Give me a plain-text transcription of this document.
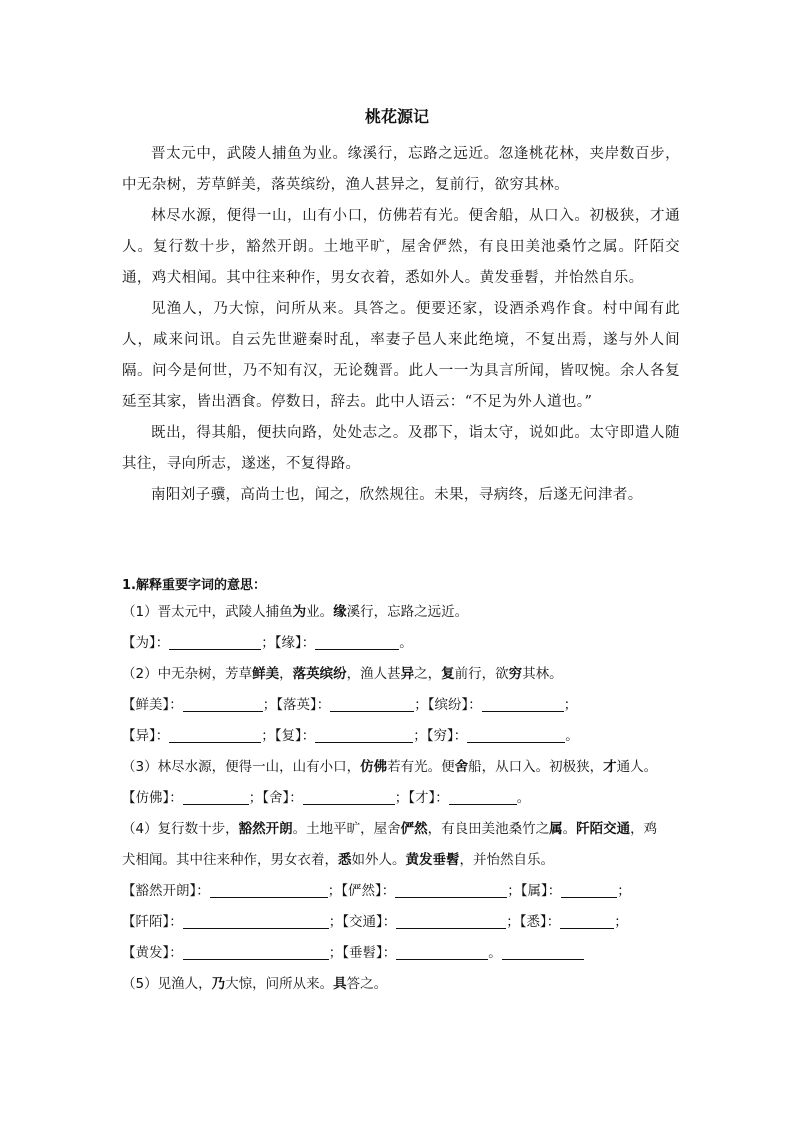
桃花源记

晋太元中，武陵人捕鱼为业。缘溪行，忘路之远近。忽逢桃花林，夹岸数百步，中无杂树，芳草鲜美，落英缤纷，渔人甚异之，复前行，欲穷其林。

林尽水源，便得一山，山有小口，仿佛若有光。便舍船，从口入。初极狭，才通人。复行数十步，豁然开朗。土地平旷，屋舍俨然，有良田美池桑竹之属。阡陌交通，鸡犬相闻。其中往来种作，男女衣着，悉如外人。黄发垂髫，并怡然自乐。

见渔人，乃大惊，问所从来。具答之。便要还家，设酒杀鸡作食。村中闻有此人，咸来问讯。自云先世避秦时乱，率妻子邑人来此绝境，不复出焉，遂与外人间隔。问今是何世，乃不知有汉，无论魏晋。此人一一为具言所闻，皆叹惋。余人各复延至其家，皆出酒食。停数日，辞去。此中人语云：“不足为外人道也。”

既出，得其船，便扶向路，处处志之。及郡下，诣太守，说如此。太守即遣人随其往，寻向所志，遂迷，不复得路。

南阳刘子骥，高尚士也，闻之，欣然规往。未果，寻病终，后遂无问津者。

1.解释重要字词的意思：
（1）晋太元中，武陵人捕鱼为业。缘溪行，忘路之远近。
【为】：	；【缘】：	。
（2）中无杂树，芳草鲜美，落英缤纷，渔人甚异之，复前行，欲穷其林。
【鲜美】：	；【落英】：	；【缤纷】：	；
【异】：	；【复】：	；【穷】：	。
（3）林尽水源，便得一山，山有小口，仿佛若有光。便舍船，从口入。初极狭，才通人。
【仿佛】：	；【舍】：	；【才】：	。
（4）复行数十步，豁然开朗。土地平旷，屋舍俨然，有良田美池桑竹之属。阡陌交通，鸡
犬相闻。其中往来种作，男女衣着，悉如外人。黄发垂髫，并怡然自乐。
【豁然开朗】：	；【俨然】：	；【属】：	；
【阡陌】：	；【交通】：	；【悉】：	；
【黄发】：	；【垂髫】：	。
（5）见渔人，乃大惊，问所从来。具答之。
